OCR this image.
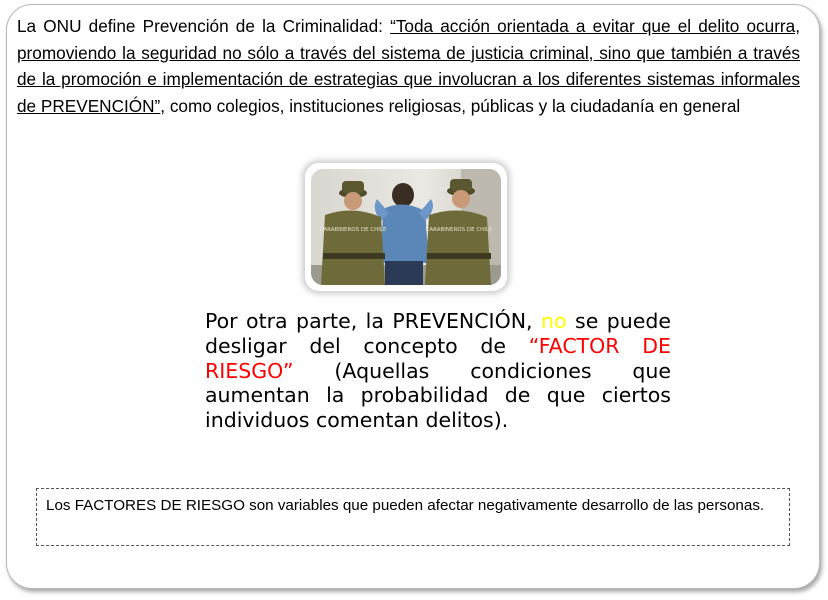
La ONU define Prevención de la Criminalidad: “Toda acción orientada a evitar que el delito ocurra, promoviendo la seguridad no sólo a través del sistema de justicia criminal, sino que también a través de la promoción e implementación de estrategias que involucran a los diferentes sistemas informales de PREVENCIÓN”, como colegios, instituciones religiosas, públicas y la ciudadanía en general

CARABINEROS DE CHILE	CARABINEROS DE CHILE

Por otra parte, la PREVENCIÓN, no se puede desligar del concepto de “FACTOR DE RIESGO” (Aquellas condiciones que aumentan la probabilidad de que ciertos individuos comentan delitos).

Los FACTORES DE RIESGO son variables que pueden afectar negativamente desarrollo de las personas.
